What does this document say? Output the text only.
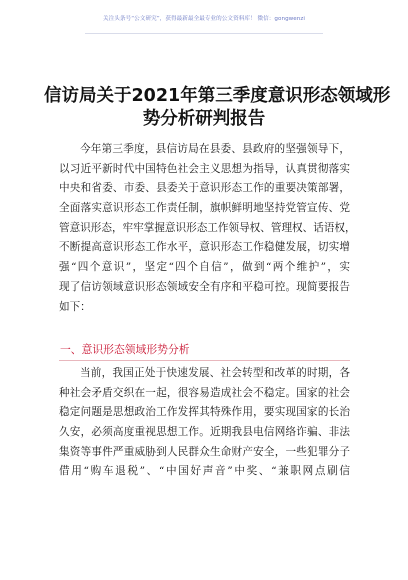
关注头条号“公文研究”，获得最新最全最专业的公文资料库！ 微信：gongwenzi
信访局关于2021年第三季度意识形态领域形
势分析研判报告
今年第三季度，县信访局在县委、县政府的坚强领导下，
以习近平新时代中国特色社会主义思想为指导，认真贯彻落实
中央和省委、市委、县委关于意识形态工作的重要决策部署，
全面落实意识形态工作责任制，旗帜鲜明地坚持党管宣传、党
管意识形态，牢牢掌握意识形态工作领导权、管理权、话语权，
不断提高意识形态工作水平，意识形态工作稳健发展，切实增
强“四个意识”，坚定“四个自信”，做到“两个维护”，实
现了信访领域意识形态领域安全有序和平稳可控。现简要报告
如下：
一、意识形态领域形势分析
当前，我国正处于快速发展、社会转型和改革的时期，各
种社会矛盾交织在一起，很容易造成社会不稳定。国家的社会
稳定问题是思想政治工作发挥其特殊作用，要实现国家的长治
久安，必须高度重视思想工作。近期我县电信网络诈骗、非法
集资等事件严重威胁到人民群众生命财产安全，一些犯罪分子
借用“购车退税”、“中国好声音”中奖、“兼职网点刷信
